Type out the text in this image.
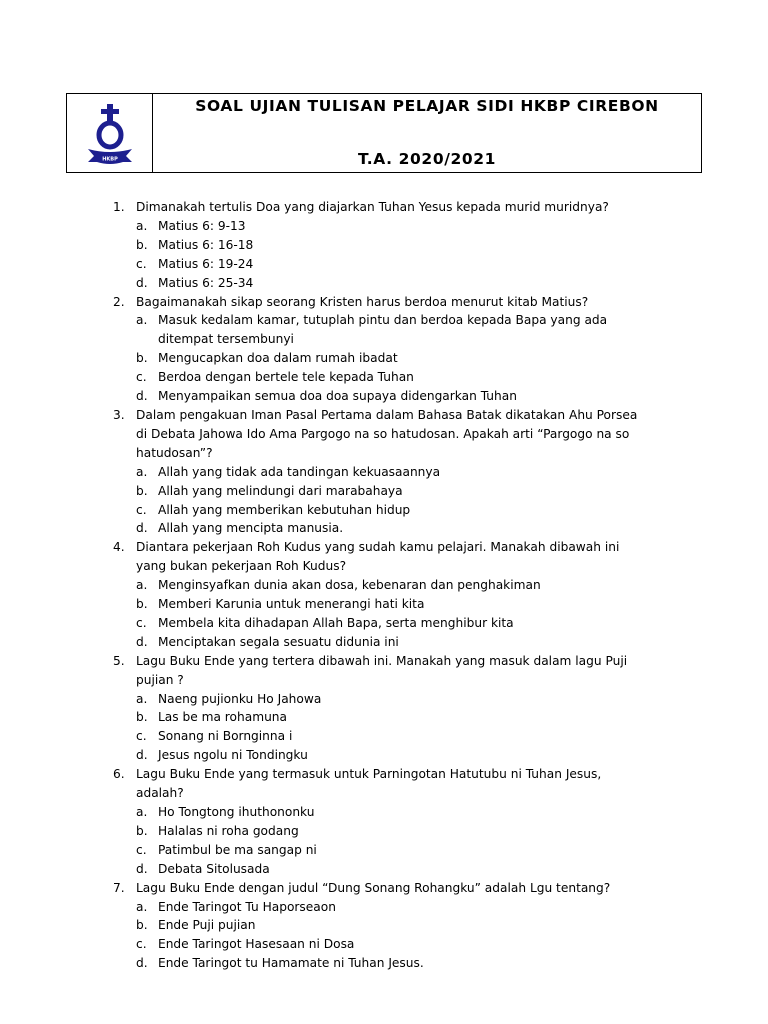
HKBP
SOAL UJIAN TULISAN PELAJAR SIDI HKBP CIREBON
T.A. 2020/2021
1. Dimanakah tertulis Doa yang diajarkan Tuhan Yesus kepada murid muridnya?
a. Matius 6: 9-13
b. Matius 6: 16-18
c. Matius 6: 19-24
d. Matius 6: 25-34
2. Bagaimanakah sikap seorang Kristen harus berdoa menurut kitab Matius?
a. Masuk kedalam kamar, tutuplah pintu dan berdoa kepada Bapa yang ada ditempat tersembunyi
b. Mengucapkan doa dalam rumah ibadat
c. Berdoa dengan bertele tele kepada Tuhan
d. Menyampaikan semua doa doa supaya didengarkan Tuhan
3. Dalam pengakuan Iman Pasal Pertama dalam Bahasa Batak dikatakan Ahu Porsea di Debata Jahowa Ido Ama Pargogo na so hatudosan. Apakah arti “Pargogo na so hatudosan”?
a. Allah yang tidak ada tandingan kekuasaannya
b. Allah yang melindungi dari marabahaya
c. Allah yang memberikan kebutuhan hidup
d. Allah yang mencipta manusia.
4. Diantara pekerjaan Roh Kudus yang sudah kamu pelajari. Manakah dibawah ini yang bukan pekerjaan Roh Kudus?
a. Menginsyafkan dunia akan dosa, kebenaran dan penghakiman
b. Memberi Karunia untuk menerangi hati kita
c. Membela kita dihadapan Allah Bapa, serta menghibur kita
d. Menciptakan segala sesuatu didunia ini
5. Lagu Buku Ende yang tertera dibawah ini. Manakah yang masuk dalam lagu Puji pujian ?
a. Naeng pujionku Ho Jahowa
b. Las be ma rohamuna
c. Sonang ni Bornginna i
d. Jesus ngolu ni Tondingku
6. Lagu Buku Ende yang termasuk untuk Parningotan Hatutubu ni Tuhan Jesus, adalah?
a. Ho Tongtong ihuthononku
b. Halalas ni roha godang
c. Patimbul be ma sangap ni
d. Debata Sitolusada
7. Lagu Buku Ende dengan judul “Dung Sonang Rohangku” adalah Lgu tentang?
a. Ende Taringot Tu Haporseaon
b. Ende Puji pujian
c. Ende Taringot Hasesaan ni Dosa
d. Ende Taringot tu Hamamate ni Tuhan Jesus.
